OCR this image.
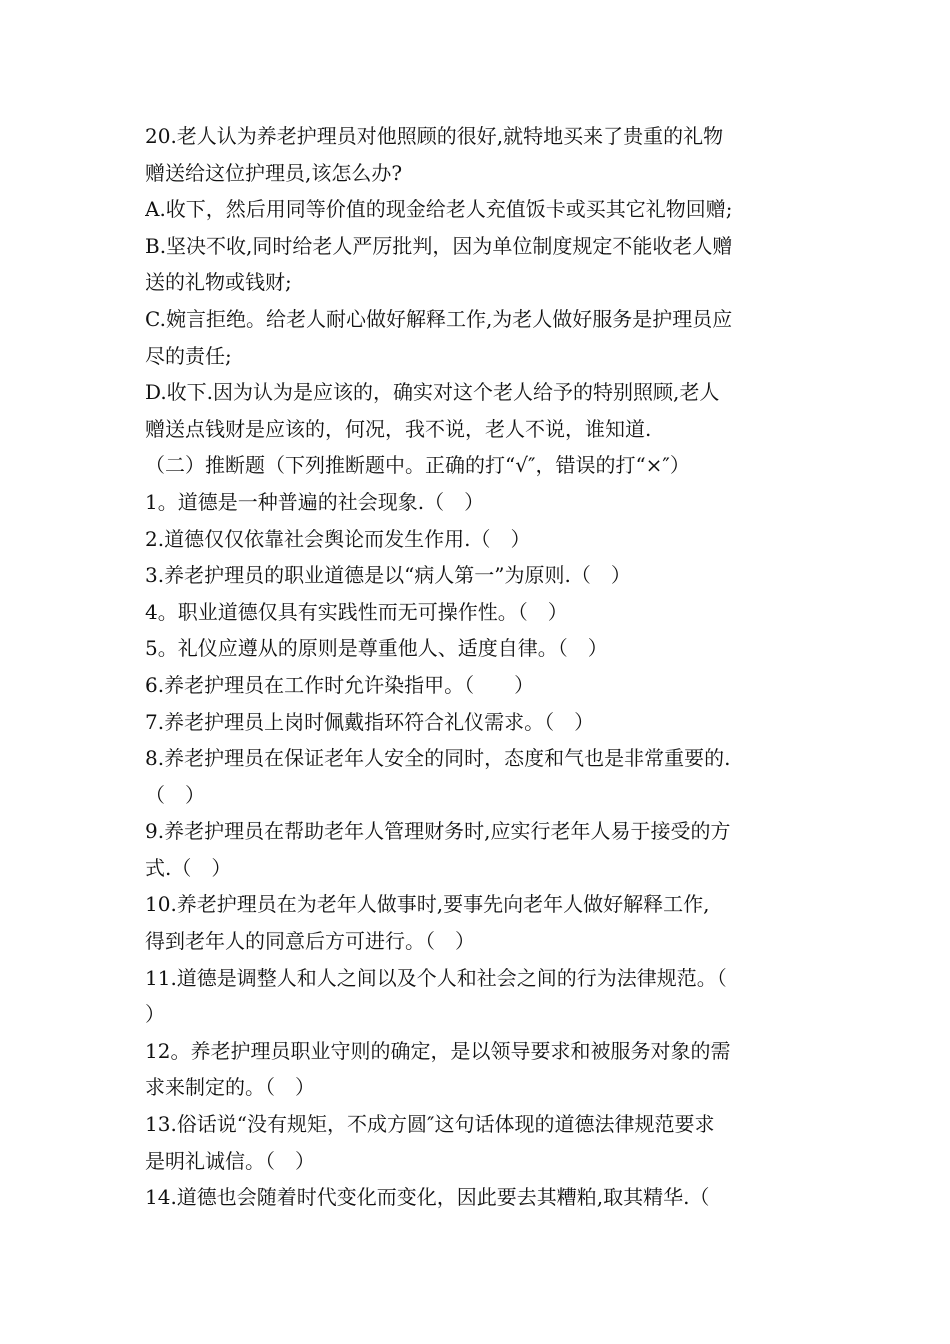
20.老人认为养老护理员对他照顾的很好,就特地买来了贵重的礼物
赠送给这位护理员,该怎么办?
A.收下，然后用同等价值的现金给老人充值饭卡或买其它礼物回赠;
B.坚决不收,同时给老人严厉批判，因为单位制度规定不能收老人赠
送的礼物或钱财;
C.婉言拒绝。给老人耐心做好解释工作,为老人做好服务是护理员应
尽的责任;
D.收下.因为认为是应该的，确实对这个老人给予的特别照顾,老人
赠送点钱财是应该的，何况，我不说，老人不说，谁知道.
（二）推断题（下列推断题中。正确的打“√″，错误的打“×″）
1。道德是一种普遍的社会现象.（　）
2.道德仅仅依靠社会舆论而发生作用.（　）
3.养老护理员的职业道德是以“病人第一”为原则.（　）
4。职业道德仅具有实践性而无可操作性。（　）
5。礼仪应遵从的原则是尊重他人、适度自律。（　）
6.养老护理员在工作时允许染指甲。（　　）
7.养老护理员上岗时佩戴指环符合礼仪需求。（　）
8.养老护理员在保证老年人安全的同时，态度和气也是非常重要的.
（　）
9.养老护理员在帮助老年人管理财务时,应实行老年人易于接受的方
式.（　）
10.养老护理员在为老年人做事时,要事先向老年人做好解释工作,
得到老年人的同意后方可进行。（　）
11.道德是调整人和人之间以及个人和社会之间的行为法律规范。（
）
12。养老护理员职业守则的确定，是以领导要求和被服务对象的需
求来制定的。（　）
13.俗话说“没有规矩，不成方圆″这句话体现的道德法律规范要求
是明礼诚信。（　）
14.道德也会随着时代变化而变化，因此要去其糟粕,取其精华.（
